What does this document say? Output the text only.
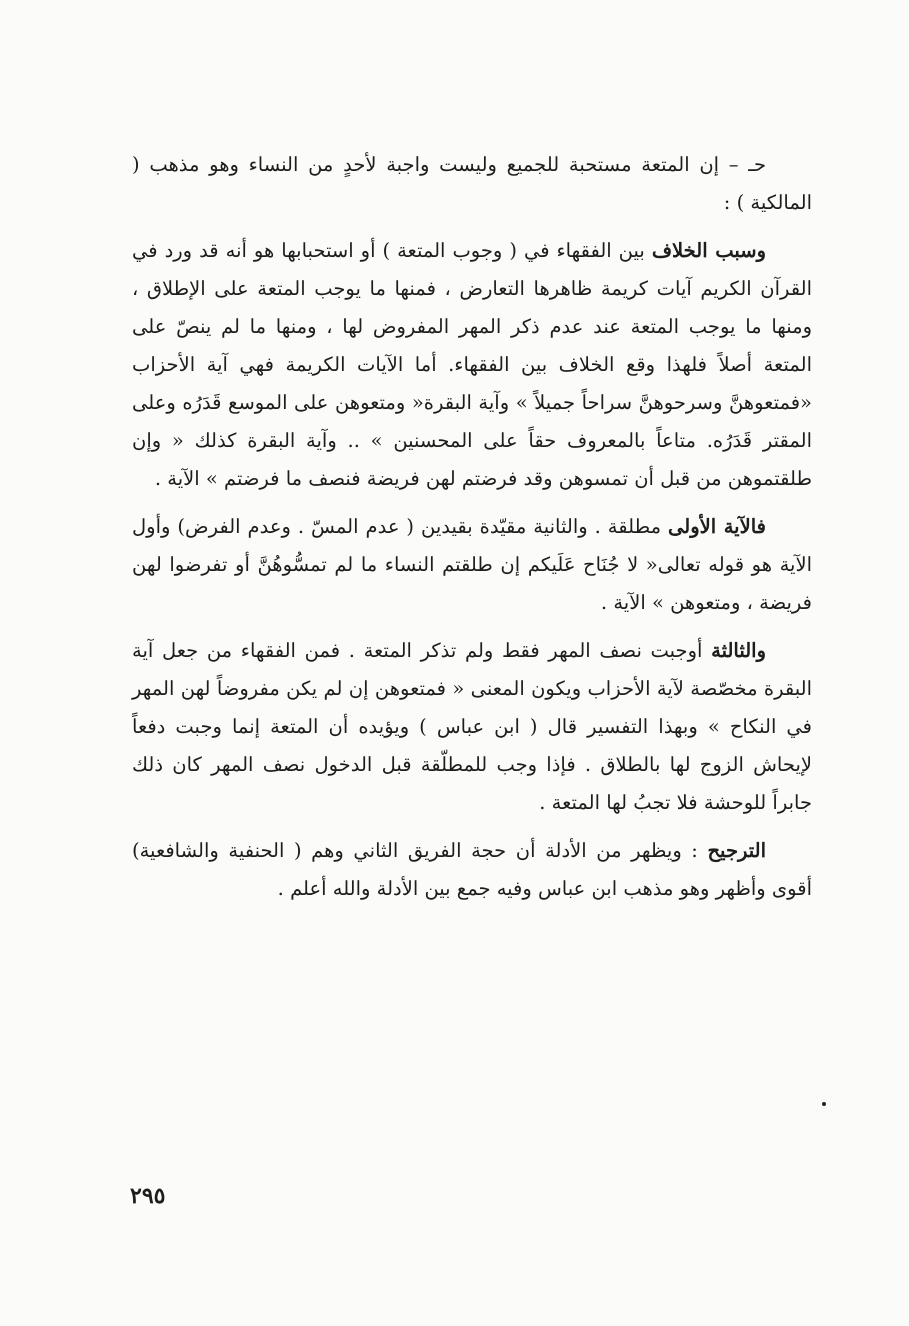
حـ – إن المتعة مستحبة للجميع وليست واجبة لأحدٍ من النساء وهو مذهب ( المالكية ) :

وسبب الخلاف بين الفقهاء في ( وجوب المتعة ) أو استحبابها هو أنه قد ورد في القرآن الكريم آيات كريمة ظاهرها التعارض ، فمنها ما يوجب المتعة على الإطلاق ، ومنها ما يوجب المتعة عند عدم ذكر المهر المفروض لها ، ومنها ما لم ينصّ على المتعة أصلاً فلهذا وقع الخلاف بين الفقهاء. أما الآيات الكريمة فهي آية الأحزاب «فمتعوهنَّ وسرحوهنَّ سراحاً جميلاً » وآية البقرة« ومتعوهن على الموسع قَدَرُه وعلى المقتر قَدَرُه. متاعاً بالمعروف حقاً على المحسنين » .. وآية البقرة كذلك « وإن طلقتموهن من قبل أن تمسوهن وقد فرضتم لهن فريضة فنصف ما فرضتم » الآية .

فالآية الأولى مطلقة . والثانية مقيّدة بقيدين ( عدم المسّ . وعدم الفرض) وأول الآية هو قوله تعالى« لا جُنَاح عَلَيكم إن طلقتم النساء ما لم تمسُّوهُنَّ أو تفرضوا لهن فريضة ، ومتعوهن » الآية .

والثالثة أوجبت نصف المهر فقط ولم تذكر المتعة . فمن الفقهاء من جعل آية البقرة مخصّصة لآية الأحزاب ويكون المعنى « فمتعوهن إن لم يكن مفروضاً لهن المهر في النكاح » وبهذا التفسير قال ( ابن عباس ) ويؤيده أن المتعة إنما وجبت دفعاً لإيحاش الزوج لها بالطلاق . فإذا وجب للمطلّقة قبل الدخول نصف المهر كان ذلك جابراً للوحشة فلا تجبُ لها المتعة .

الترجيح : ويظهر من الأدلة أن حجة الفريق الثاني وهم ( الحنفية والشافعية) أقوى وأظهر وهو مذهب ابن عباس وفيه جمع بين الأدلة والله أعلم .

٢٩٥
